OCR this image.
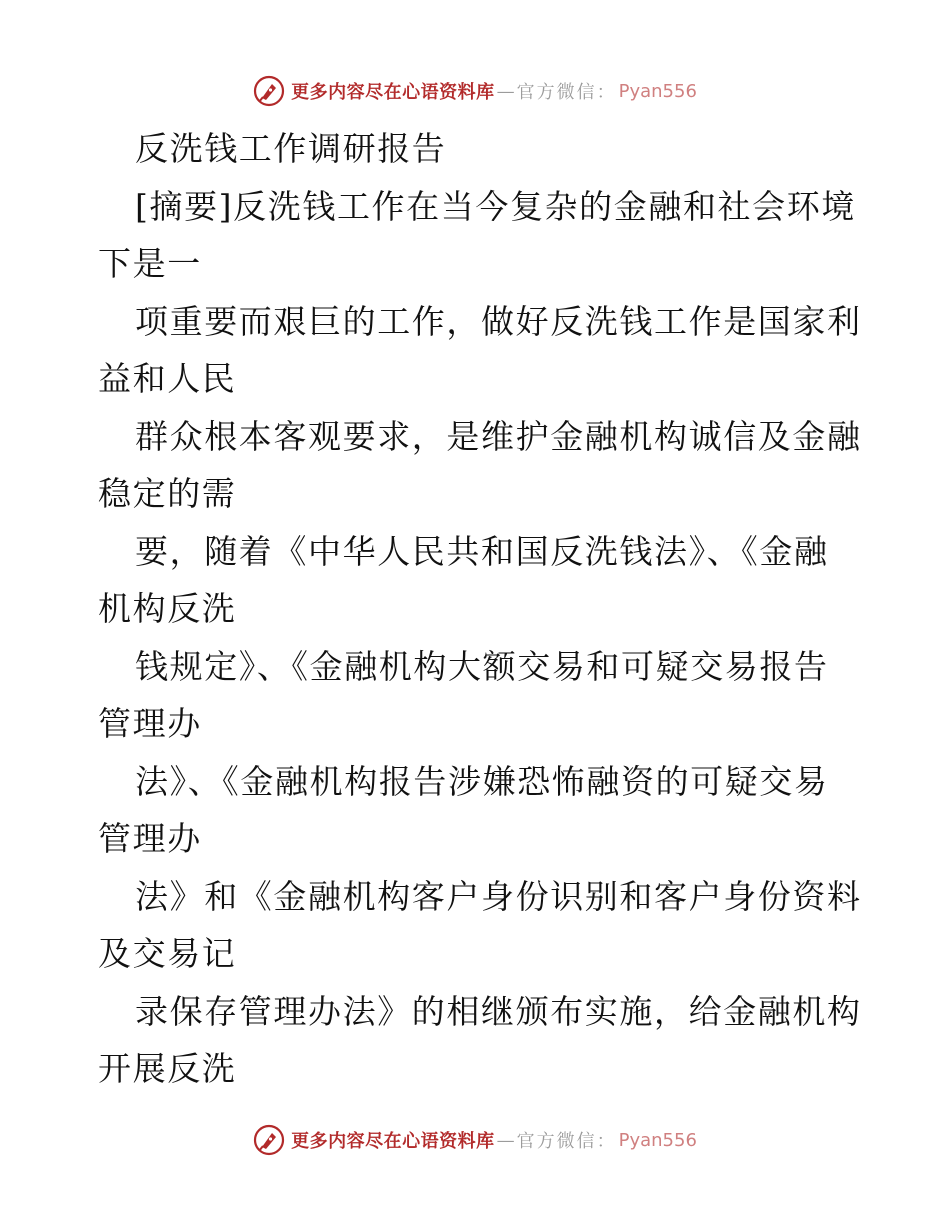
更多内容尽在心语资料库 — 官方微信 ： Pyan556
反洗钱工作调研报告
[摘要]反洗钱工作在当今复杂的金融和社会环境
下是一
项重要而艰巨的工作，做好反洗钱工作是国家利
益和人民
群众根本客观要求，是维护金融机构诚信及金融
稳定的需
要，随着《中华人民共和国反洗钱法》、《金融
机构反洗
钱规定》、《金融机构大额交易和可疑交易报告
管理办
法》、《金融机构报告涉嫌恐怖融资的可疑交易
管理办
法》和《金融机构客户身份识别和客户身份资料
及交易记
录保存管理办法》的相继颁布实施，给金融机构
开展反洗
更多内容尽在心语资料库 — 官方微信 ： Pyan556
